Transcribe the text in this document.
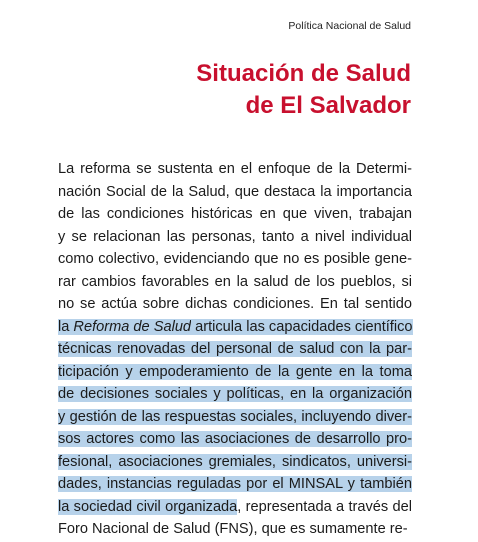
Política Nacional de Salud
Situación de Salud
de El Salvador
La reforma se sustenta en el enfoque de la Determi-
nación Social de la Salud, que destaca la importancia
de las condiciones históricas en que viven, trabajan
y se relacionan las personas, tanto a nivel individual
como colectivo, evidenciando que no es posible gene-
rar cambios favorables en la salud de los pueblos, si
no se actúa sobre dichas condiciones. En tal sentido
la Reforma de Salud articula las capacidades científico
técnicas renovadas del personal de salud con la par-
ticipación y empoderamiento de la gente en la toma
de decisiones sociales y políticas, en la organización
y gestión de las respuestas sociales, incluyendo diver-
sos actores como las asociaciones de desarrollo pro-
fesional, asociaciones gremiales, sindicatos, universi-
dades, instancias reguladas por el MINSAL y también
la sociedad civil organizada, representada a través del
Foro Nacional de Salud (FNS), que es sumamente re-
